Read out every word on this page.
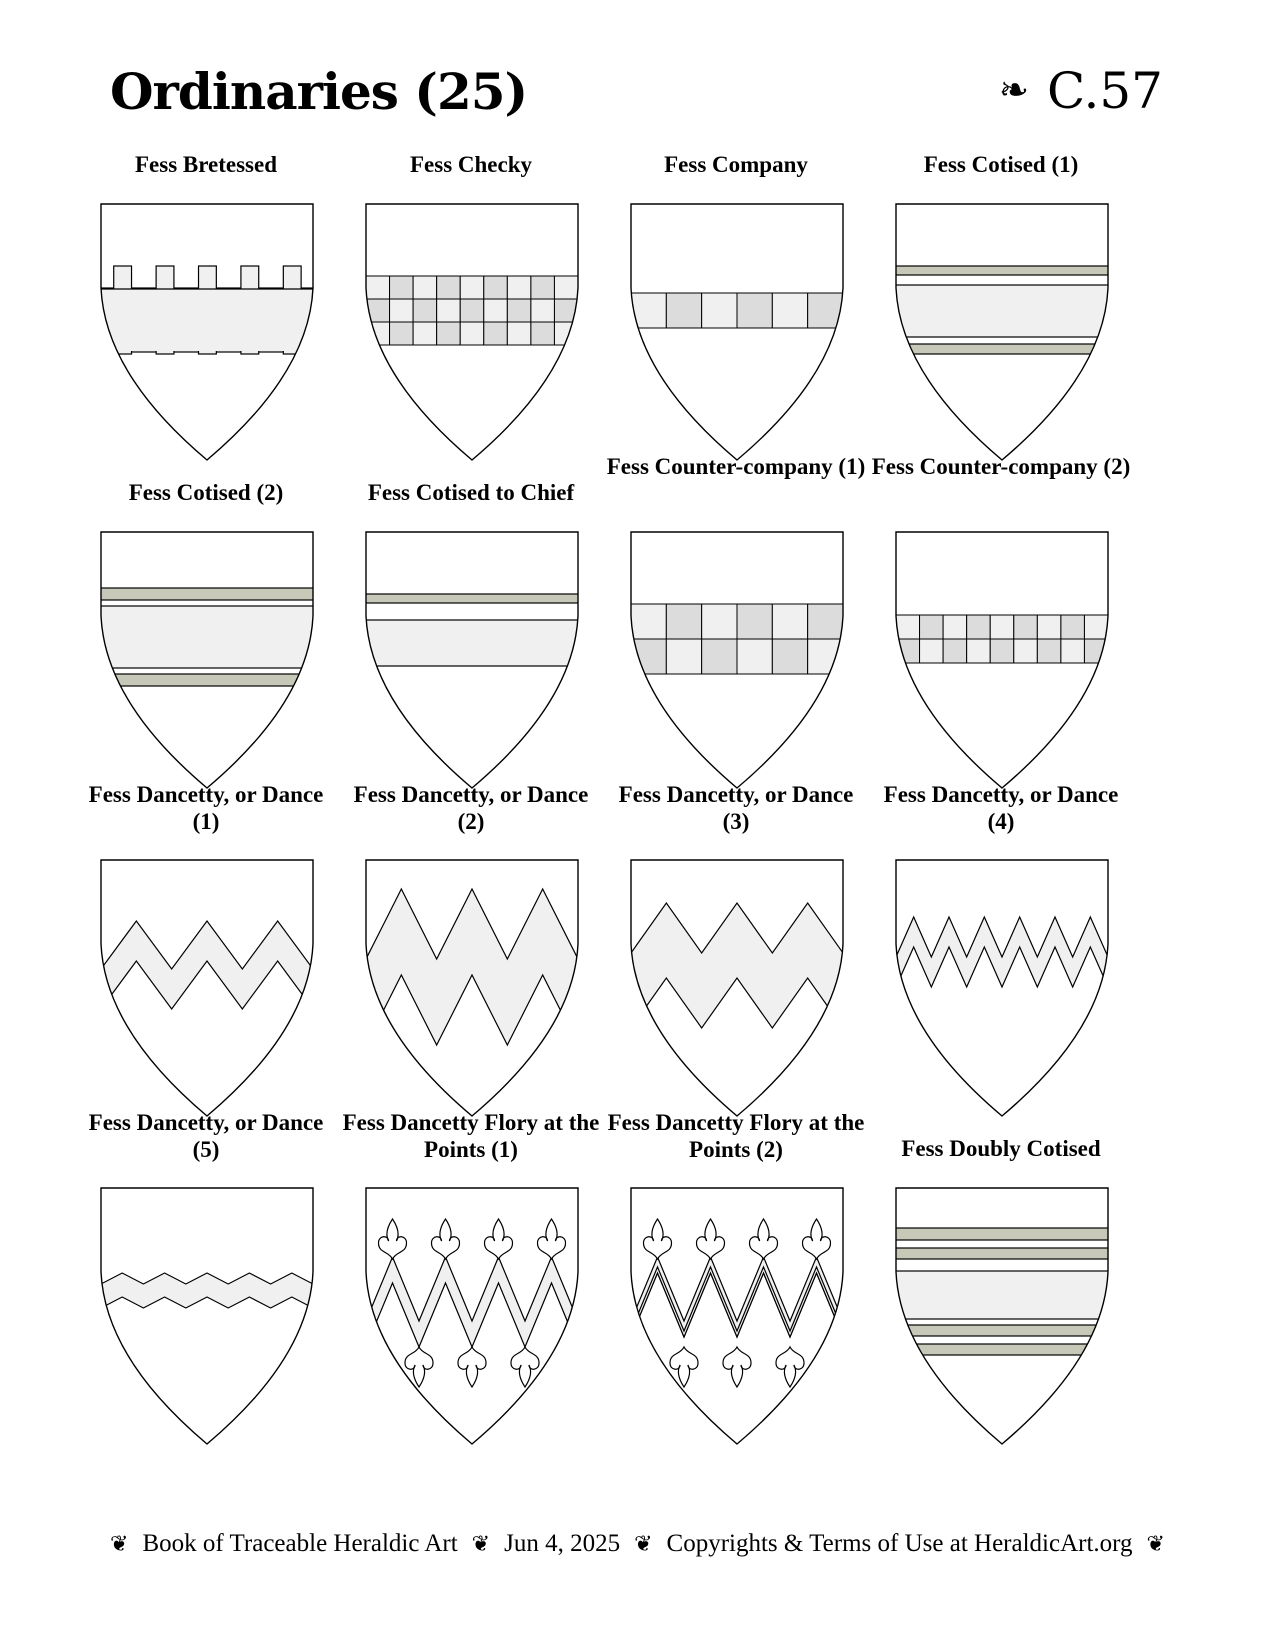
Ordinaries (25)	❧ C.57
Fess Bretessed	Fess Checky	Fess Company	Fess Cotised (1)
Fess Cotised (2)	Fess Cotised to Chief
Fess Counter-company (1) Fess Counter-company (2)
Fess Dancetty, or Dance (1)
Fess Dancetty, or Dance (2)
Fess Dancetty, or Dance (3)
Fess Dancetty, or Dance (4)
Fess Dancetty, or Dance (5)
Fess Dancetty Flory at the Points (1)
Fess Dancetty Flory at the Points (2)	Fess Doubly Cotised
❦ Book of Traceable Heraldic Art ❦ Jun 4, 2025 ❦ Copyrights & Terms of Use at HeraldicArt.org ❦
